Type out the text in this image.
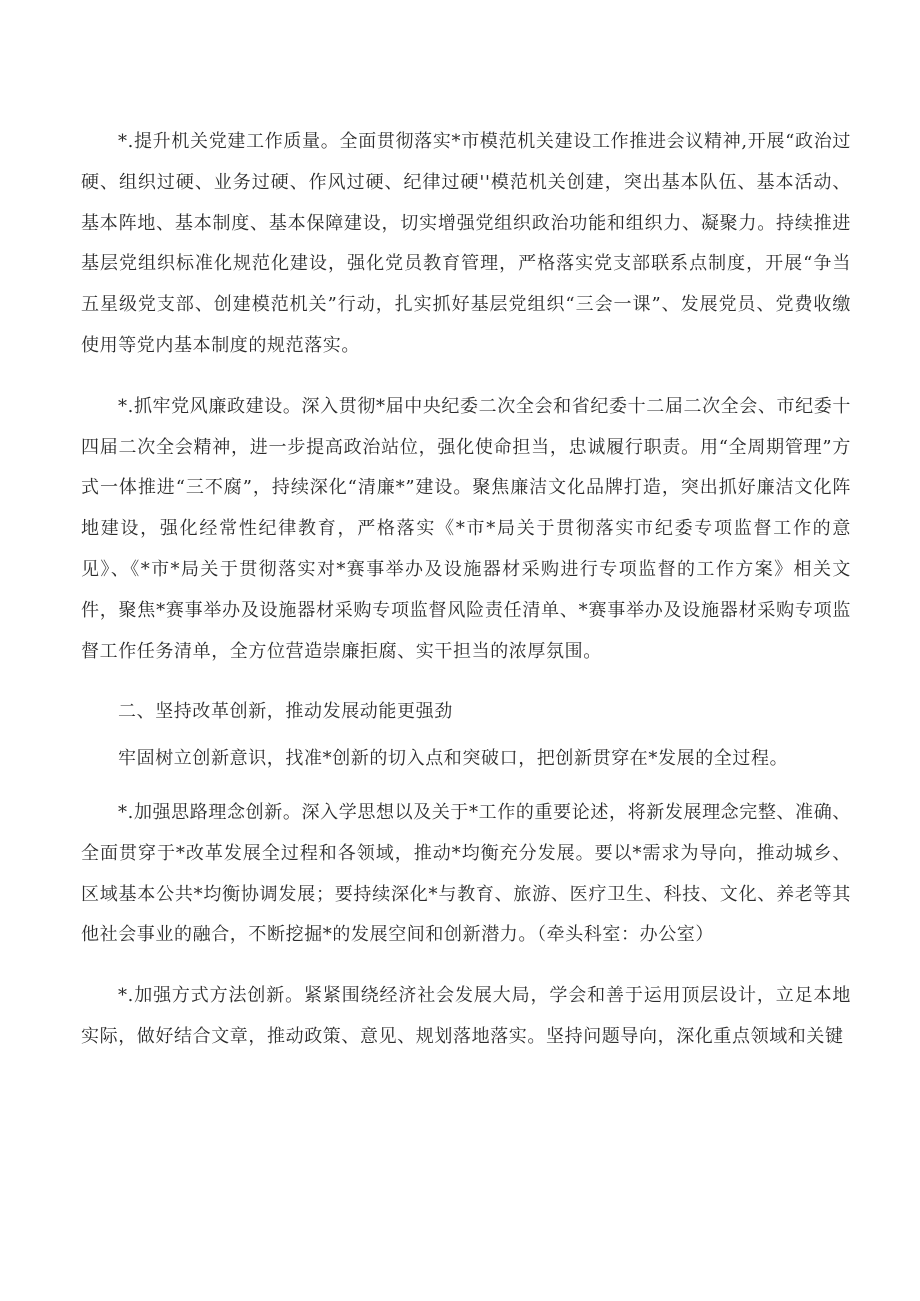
*.提升机关党建工作质量。全面贯彻落实*市模范机关建设工作推进会议精神,开展“政治过硬、组织过硬、业务过硬、作风过硬、纪律过硬''模范机关创建，突出基本队伍、基本活动、基本阵地、基本制度、基本保障建设，切实增强党组织政治功能和组织力、凝聚力。持续推进基层党组织标准化规范化建设，强化党员教育管理，严格落实党支部联系点制度，开展“争当五星级党支部、创建模范机关”行动，扎实抓好基层党组织“三会一课”、发展党员、党费收缴使用等党内基本制度的规范落实。

*.抓牢党风廉政建设。深入贯彻*届中央纪委二次全会和省纪委十二届二次全会、市纪委十四届二次全会精神，进一步提高政治站位，强化使命担当，忠诚履行职责。用“全周期管理”方式一体推进“三不腐”，持续深化“清廉*”建设。聚焦廉洁文化品牌打造，突出抓好廉洁文化阵地建设，强化经常性纪律教育，严格落实《*市*局关于贯彻落实市纪委专项监督工作的意见》、《*市*局关于贯彻落实对*赛事举办及设施器材采购进行专项监督的工作方案》相关文件，聚焦*赛事举办及设施器材采购专项监督风险责任清单、*赛事举办及设施器材采购专项监督工作任务清单，全方位营造崇廉拒腐、实干担当的浓厚氛围。

二、坚持改革创新，推动发展动能更强劲

牢固树立创新意识，找准*创新的切入点和突破口，把创新贯穿在*发展的全过程。

*.加强思路理念创新。深入学思想以及关于*工作的重要论述，将新发展理念完整、准确、全面贯穿于*改革发展全过程和各领域，推动*均衡充分发展。要以*需求为导向，推动城乡、区域基本公共*均衡协调发展；要持续深化*与教育、旅游、医疗卫生、科技、文化、养老等其他社会事业的融合，不断挖掘*的发展空间和创新潜力。（牵头科室：办公室）

*.加强方式方法创新。紧紧围绕经济社会发展大局，学会和善于运用顶层设计，立足本地实际，做好结合文章，推动政策、意见、规划落地落实。坚持问题导向，深化重点领域和关键
